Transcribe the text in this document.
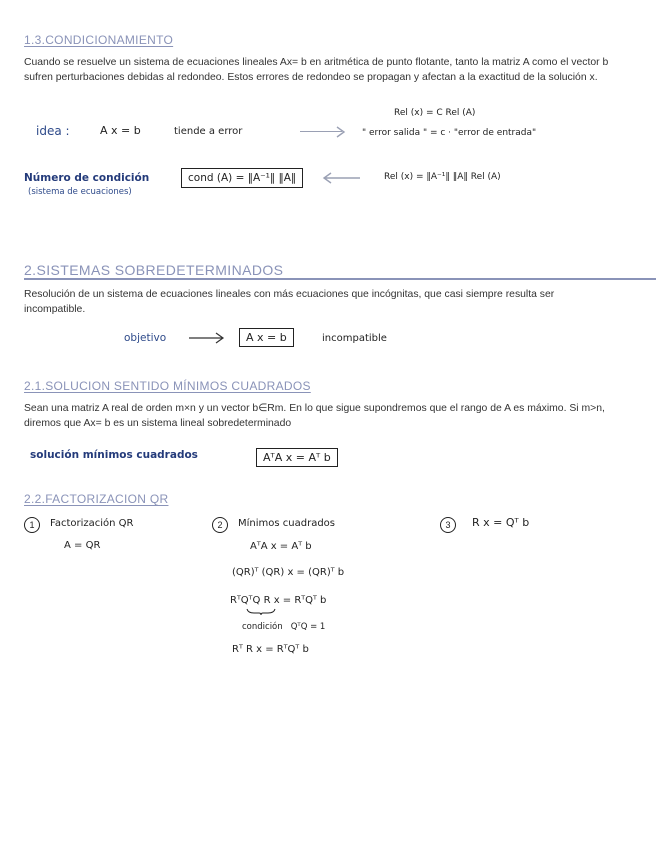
1.3.CONDICIONAMIENTO
Cuando se resuelve un sistema de ecuaciones lineales Ax= b en aritmética de punto flotante, tanto la matriz A como el vector b sufren perturbaciones debidas al redondeo. Estos errores de redondeo se propagan y afectan a la exactitud de la solución x.
idea :	A x = b	tiende a error
Rel (x) = C Rel (A)
" error salida " = c · "error de entrada"
Número de condición
(sistema de ecuaciones)
cond (A) = ‖A⁻¹‖ ‖A‖	Rel (x) = ‖A⁻¹‖ ‖A‖ Rel (A)
2.SISTEMAS SOBREDETERMINADOS
Resolución de un sistema de ecuaciones lineales con más ecuaciones que incógnitas, que casi siempre resulta ser incompatible.
objetivo	A x = b	incompatible
2.1.SOLUCION SENTIDO MÍNIMOS CUADRADOS
Sean una matriz A real de orden m×n y un vector b∈Rm. En lo que sigue supondremos que el rango de A es máximo. Si m>n, diremos que Ax= b es un sistema lineal sobredeterminado
solución mínimos cuadrados	AᵀA x = Aᵀ b
2.2.FACTORIZACION QR
1	Factorización QR
A = QR
2	Mínimos cuadrados
AᵀA x = Aᵀ b
(QR)ᵀ (QR) x = (QR)ᵀ b
RᵀQᵀQ R x = RᵀQᵀ b
condición   QᵀQ = 1
Rᵀ R x = RᵀQᵀ b
3	R x = Qᵀ b
